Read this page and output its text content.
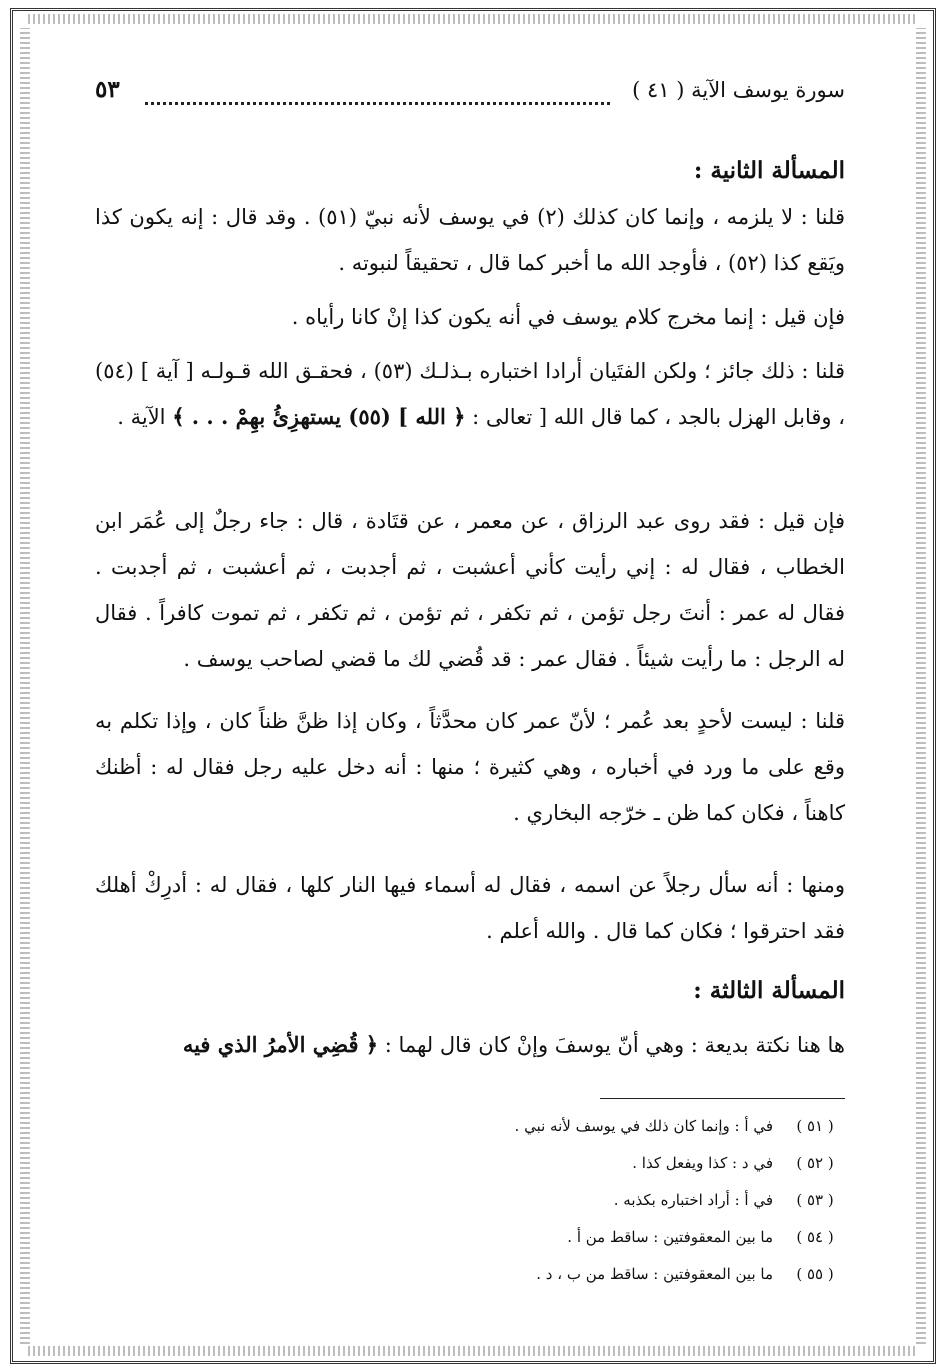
سورة يوسف الآية ( ٤١ )
٥٣
المسألة الثانية :
قلنا : لا يلزمه ، وإنما كان كذلك (٢) في يوسف لأنه نبيّ (٥١) . وقد قال : إنه يكون كذا ويَقع كذا (٥٢) ، فأوجد الله ما أخبر كما قال ، تحقيقاً لنبوته .
فإن قيل : إنما مخرج كلام يوسف في أنه يكون كذا إنْ كانا رأياه .
قلنا : ذلك جائز ؛ ولكن الفتَيان أرادا اختباره بـذلـك (٥٣) ، فحقـق الله قـولـه [ آية ] (٥٤) ، وقابل الهزل بالجد ، كما قال الله [ تعالى : ﴿ الله ] (٥٥) يستهزِئُ بهِمْ . . . ﴾ الآية .
فإن قيل : فقد روى عبد الرزاق ، عن معمر ، عن قتَادة ، قال : جاء رجلٌ إلى عُمَر ابن الخطاب ، فقال له : إني رأيت كأني أعشبت ، ثم أجدبت ، ثم أعشبت ، ثم أجدبت . فقال له عمر : أنتَ رجل تؤمن ، ثم تكفر ، ثم تؤمن ، ثم تكفر ، ثم تموت كافراً . فقال له الرجل : ما رأيت شيئاً . فقال عمر : قد قُضي لك ما قضي لصاحب يوسف .
قلنا : ليست لأحدٍ بعد عُمر ؛ لأنّ عمر كان محدَّثاً ، وكان إذا ظنَّ ظناً كان ، وإذا تكلم به وقع على ما ورد في أخباره ، وهي كثيرة ؛ منها : أنه دخل عليه رجل فقال له : أظنك كاهناً ، فكان كما ظن ـ خرّجه البخاري .
ومنها : أنه سأل رجلاً عن اسمه ، فقال له أسماء فيها النار كلها ، فقال له : أدرِكْ أهلك فقد احترقوا ؛ فكان كما قال . والله أعلم .
المسألة الثالثة :
ها هنا نكتة بديعة : وهي أنّ يوسفَ وإنْ كان قال لهما : ﴿ قُضِي الأمرُ الذي فيه
( ٥١ )
في أ : وإنما كان ذلك في يوسف لأنه نبي .
( ٥٢ )
في د : كذا ويفعل كذا .
( ٥٣ )
في أ : أراد اختباره بكذبه .
( ٥٤ )
ما بين المعقوفتين : ساقط من أ .
( ٥٥ )
ما بين المعقوفتين : ساقط من ب ، د .
